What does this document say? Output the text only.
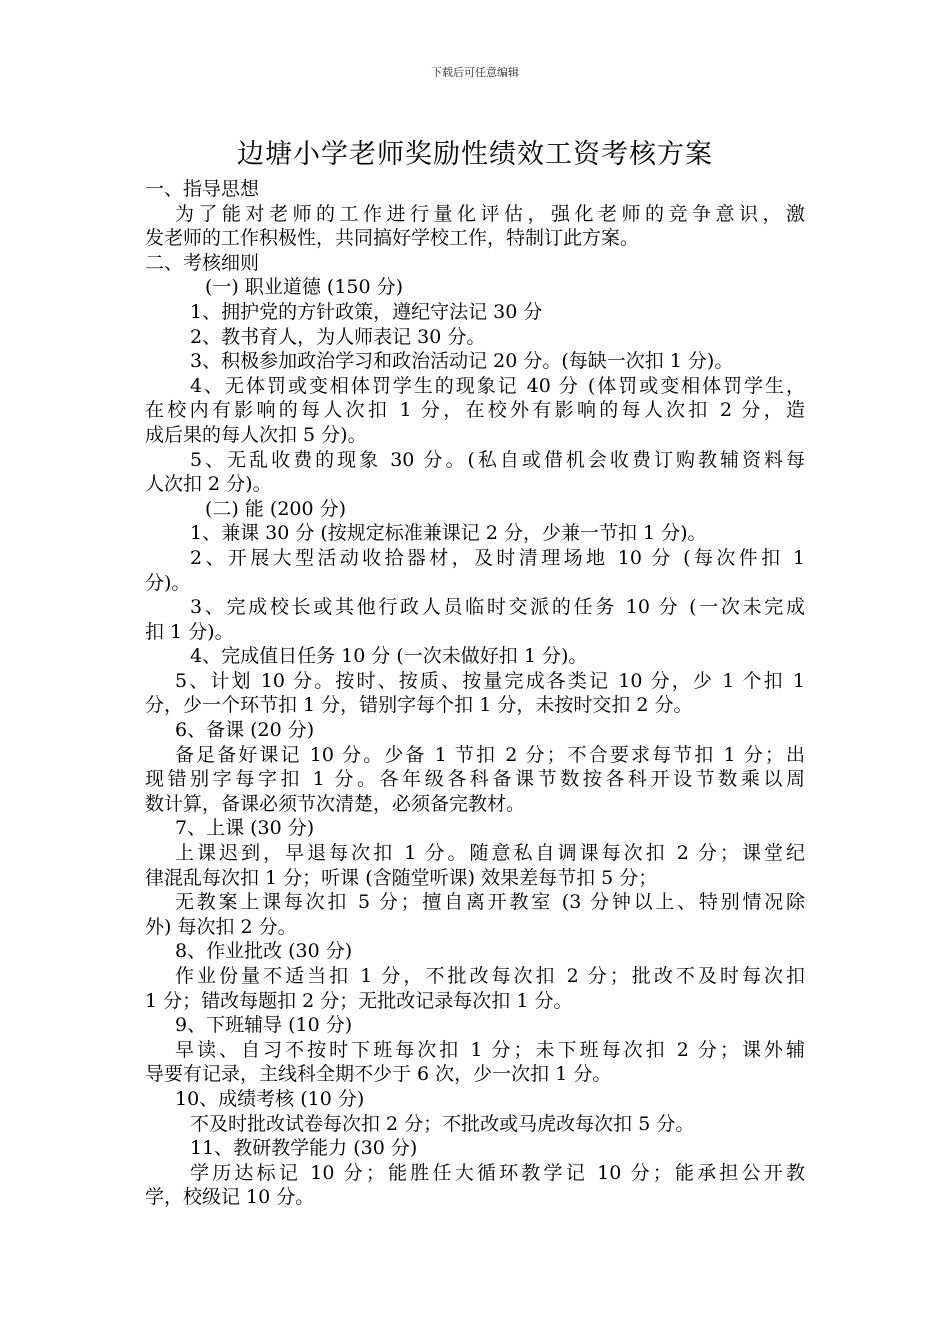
下载后可任意编辑
边塘小学老师奖励性绩效工资考核方案

一、指导思想

为了能对老师的工作进行量化评估，强化老师的竞争意识，激

发老师的工作积极性，共同搞好学校工作，特制订此方案。

二、考核细则

(一) 职业道德 (150 分)

1、拥护党的方针政策，遵纪守法记 30 分

2、教书育人，为人师表记 30 分。

3、积极参加政治学习和政治活动记 20 分。(每缺一次扣 1 分)。

4、无体罚或变相体罚学生的现象记 40 分 (体罚或变相体罚学生，

在校内有影响的每人次扣 1 分，在校外有影响的每人次扣 2 分，造

成后果的每人次扣 5 分)。

5、无乱收费的现象 30 分。(私自或借机会收费订购教辅资料每

人次扣 2 分)。

(二) 能 (200 分)

1、兼课 30 分 (按规定标准兼课记 2 分，少兼一节扣 1 分)。

2、开展大型活动收拾器材，及时清理场地 10 分 (每次件扣 1

分)。

3、完成校长或其他行政人员临时交派的任务 10 分 (一次未完成

扣 1 分)。

4、完成值日任务 10 分 (一次未做好扣 1 分)。

5、计划 10 分。按时、按质、按量完成各类记 10 分，少 1 个扣 1

分，少一个环节扣 1 分，错别字每个扣 1 分，未按时交扣 2 分。

6、备课 (20 分)

备足备好课记 10 分。少备 1 节扣 2 分；不合要求每节扣 1 分；出

现错别字每字扣 1 分。各年级各科备课节数按各科开设节数乘以周

数计算，备课必须节次清楚，必须备完教材。

7、上课 (30 分)

上课迟到，早退每次扣 1 分。随意私自调课每次扣 2 分；课堂纪

律混乱每次扣 1 分；听课 (含随堂听课) 效果差每节扣 5 分；

无教案上课每次扣 5 分；擅自离开教室 (3 分钟以上、特别情况除

外) 每次扣 2 分。

8、作业批改 (30 分)

作业份量不适当扣 1 分，不批改每次扣 2 分；批改不及时每次扣

1 分；错改每题扣 2 分；无批改记录每次扣 1 分。

9、下班辅导 (10 分)

早读、自习不按时下班每次扣 1 分；未下班每次扣 2 分；课外辅

导要有记录，主线科全期不少于 6 次，少一次扣 1 分。

10、成绩考核 (10 分)

不及时批改试卷每次扣 2 分；不批改或马虎改每次扣 5 分。

11、教研教学能力 (30 分)

学历达标记 10 分；能胜任大循环教学记 10 分；能承担公开教

学，校级记 10 分。
